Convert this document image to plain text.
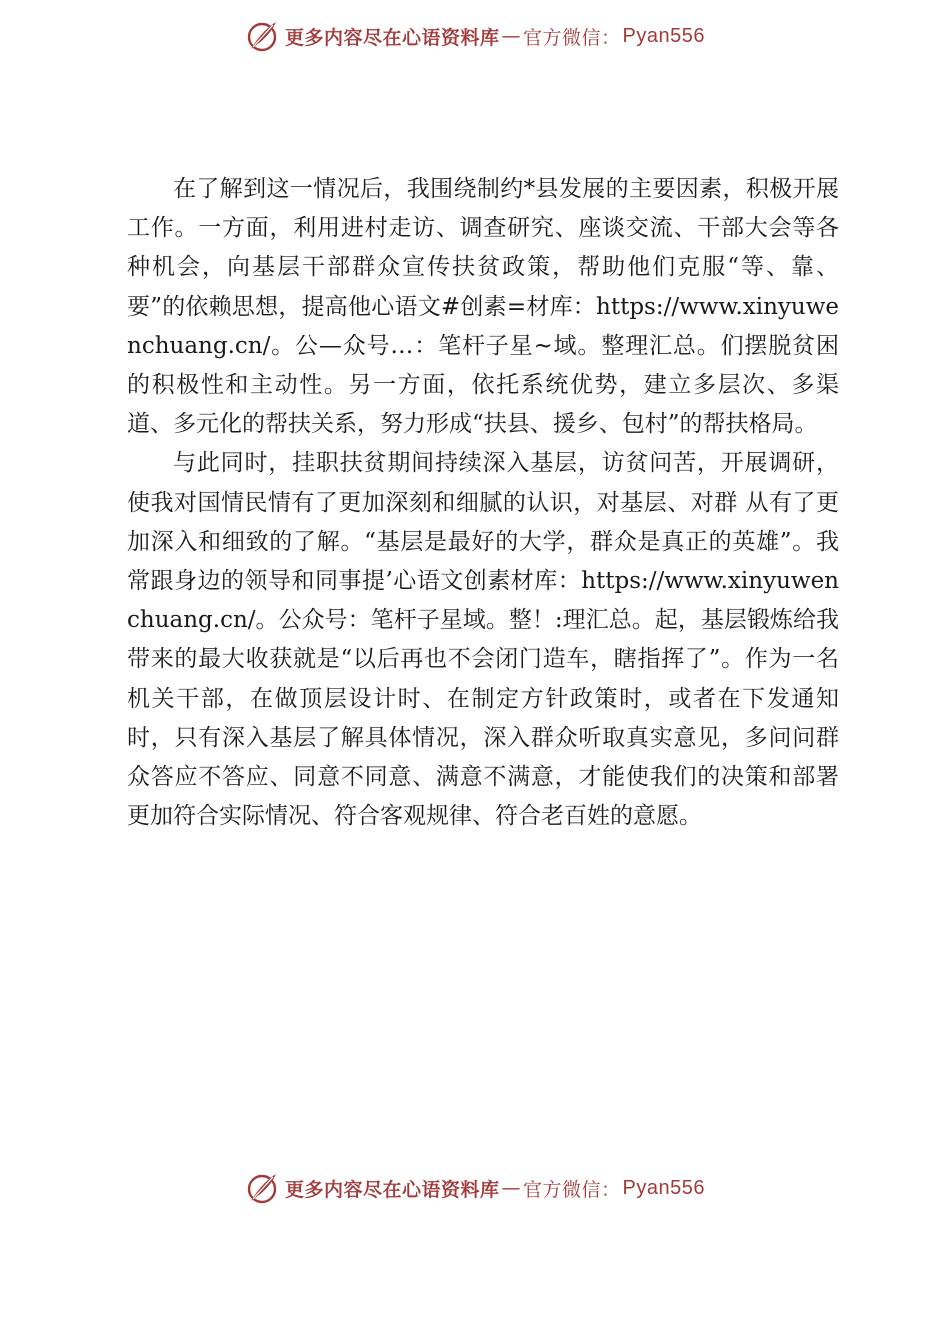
更多内容尽在心语资料库 — 官方微信： Pyan556

在了解到这一情况后，我围绕制约*县发展的主要因素，积极开展工作。一方面，利用进村走访、调查研究、座谈交流、干部大会等各种机会，向基层干部群众宣传扶贫政策，帮助他们克服“等、靠、要”的依赖思想，提高他心语文#创素=材库：https://www.xinyuwenchuang.cn/。公—众号…：笔杆子星~域。整理汇总。们摆脱贫困的积极性和主动性。另一方面，依托系统优势，建立多层次、多渠道、多元化的帮扶关系，努力形成“扶县、援乡、包村”的帮扶格局。

与此同时，挂职扶贫期间持续深入基层，访贫问苦，开展调研，使我对国情民情有了更加深刻和细腻的认识，对基层、对群 从有了更加深入和细致的了解。“基层是最好的大学，群众是真正的英雄”。我常跟身边的领导和同事提’心语文创素材库：https://www.xinyuwenchuang.cn/。公众号：笔杆子星域。整！:理汇总。起，基层锻炼给我带来的最大收获就是“以后再也不会闭门造车，瞎指挥了”。作为一名机关干部，在做顶层设计时、在制定方针政策时，或者在下发通知时，只有深入基层了解具体情况，深入群众听取真实意见，多问问群众答应不答应、同意不同意、满意不满意，才能使我们的决策和部署更加符合实际情况、符合客观规律、符合老百姓的意愿。

更多内容尽在心语资料库 — 官方微信： Pyan556
